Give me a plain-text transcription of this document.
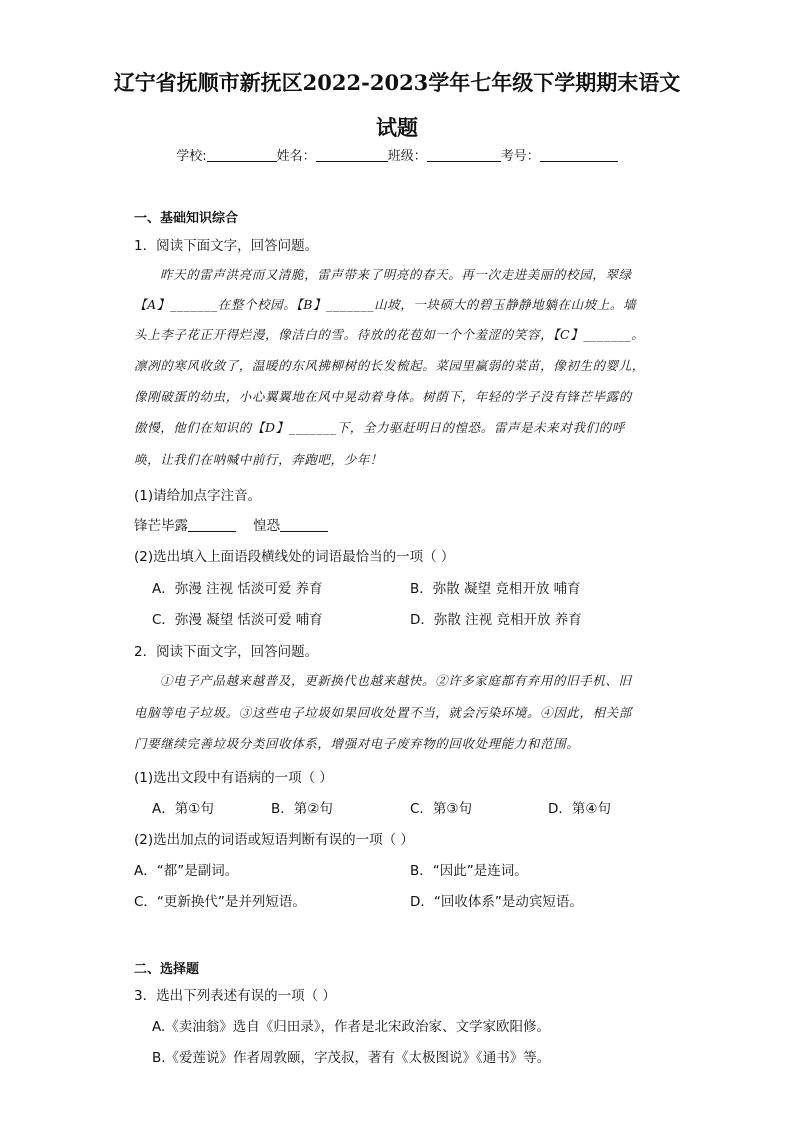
辽宁省抚顺市新抚区2022-2023学年七年级下学期期末语文
试题
学校:	姓名：	班级：	考号：
一、基础知识综合
1．阅读下面文字，回答问题。
昨天的雷声洪亮而又清脆，雷声带来了明亮的春天。再一次走进美丽的校园，翠绿
【A】_______在整个校园。【B】_______山坡，一块硕大的碧玉静静地躺在山坡上。墙
头上李子花正开得烂漫，像洁白的雪。待放的花苞如一个个羞涩的笑容，【C】_______。
凛冽的寒风收敛了，温暖的东风拂柳树的长发梳起。菜园里赢弱的菜苗，像初生的婴儿，
像刚破蛋的幼虫，小心翼翼地在风中晃动着身体。树荫下，年轻的学子没有锋芒毕露的
傲慢，他们在知识的【D】_______下，全力驱赶明日的惶恐。雷声是未来对我们的呼
唤，让我们在呐喊中前行，奔跑吧，少年！
(1)请给加点字注音。
锋芒毕露	惶恐
(2)选出填入上面语段横线处的词语最恰当的一项（ ）
A．弥漫 注视 恬淡可爱 养育	B．弥散 凝望 竞相开放 哺育
C．弥漫 凝望 恬淡可爱 哺育	D．弥散 注视 竞相开放 养育
2．阅读下面文字，回答问题。
①电子产品越来越普及，更新换代也越来越快。②许多家庭都有弃用的旧手机、旧
电脑等电子垃圾。③这些电子垃圾如果回收处置不当，就会污染环境。④因此，相关部
门要继续完善垃圾分类回收体系，增强对电子废弃物的回收处理能力和范围。
(1)选出文段中有语病的一项（ ）
A．第①句	B．第②句	C．第③句	D．第④句
(2)选出加点的词语或短语判断有误的一项（ ）
A．“都”是副词。	B．“因此”是连词。
C．“更新换代”是并列短语。	D．“回收体系”是动宾短语。
二、选择题
3．选出下列表述有误的一项（ ）
A.《卖油翁》选自《归田录》，作者是北宋政治家、文学家欧阳修。
B.《爱莲说》作者周敦颐，字茂叔，著有《太极图说》《通书》等。
